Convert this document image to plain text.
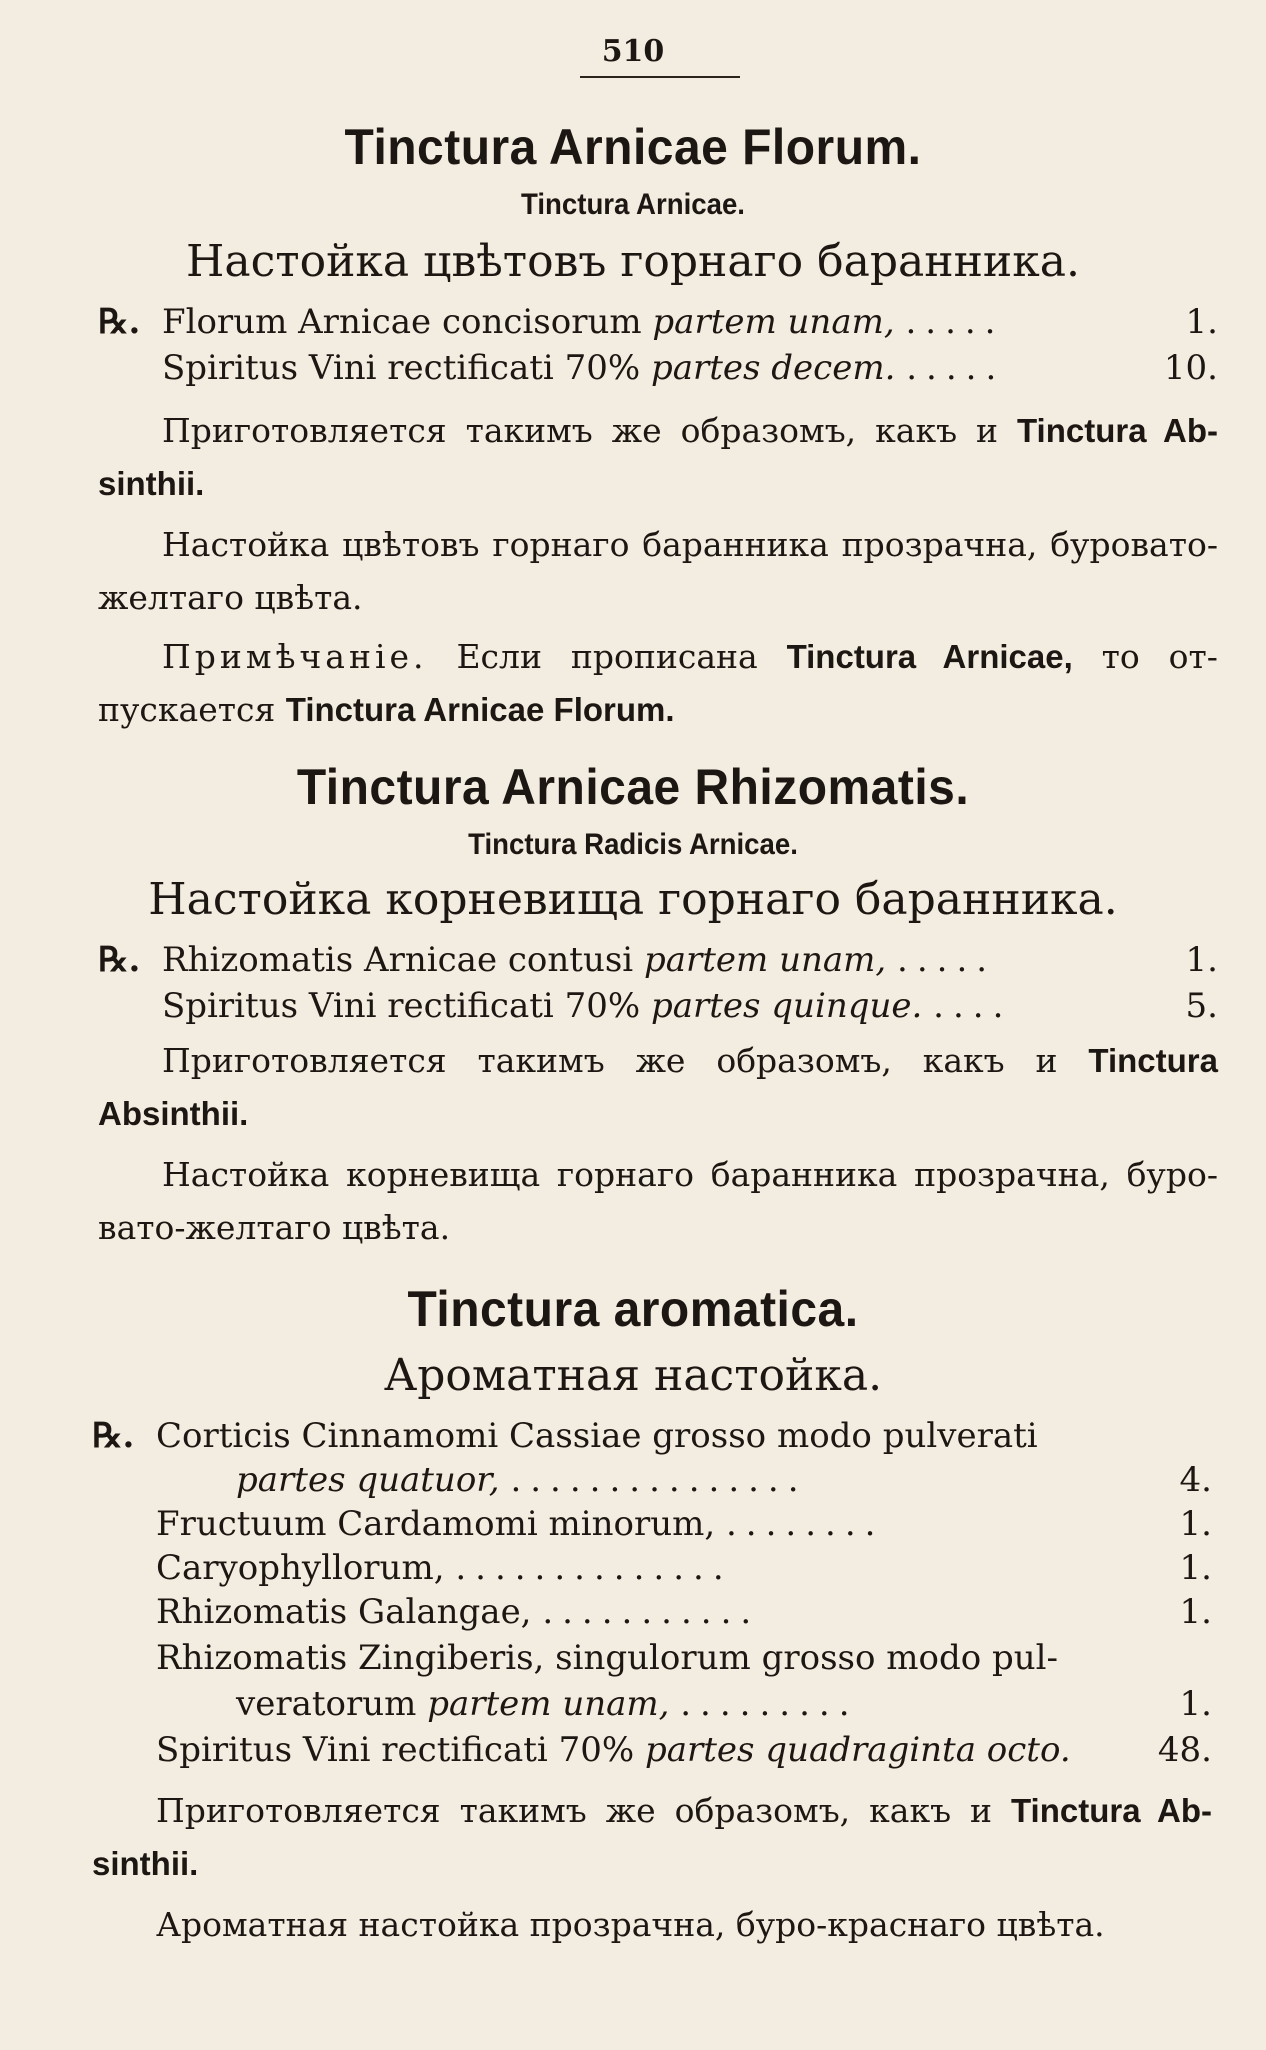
510
Tinctura Arnicae Florum.
Tinctura Arnicae.
Настойка цвѣтовъ горнаго баранника.
℞. Florum Arnicae concisorum partem unam, .....	1.
Spiritus Vini rectificati 70% partes decem. .....	10.
Приготовляется такимъ же образомъ, какъ и Tinctura Ab-
sinthii.
Настойка цвѣтовъ горнаго баранника прозрачна, буровато-
желтаго цвѣта.
Примѣчаніе. Если прописана Tinctura Arnicae, то от-
пускается Tinctura Arnicae Florum.
Tinctura Arnicae Rhizomatis.
Tinctura Radicis Arnicae.
Настойка корневища горнаго баранника.
℞. Rhizomatis Arnicae contusi partem unam, .....	1.
Spiritus Vini rectificati 70% partes quinque. ....	5.
Приготовляется такимъ же образомъ, какъ и Tinctura
Absinthii.
Настойка корневища горнаго баранника прозрачна, буро-
вато-желтаго цвѣта.
Tinctura aromatica.
Ароматная настойка.
℞. Corticis Cinnamomi Cassiae grosso modo pulverati
partes quatuor, ...............	4.
Fructuum Cardamomi minorum, ........	1.
Caryophyllorum, ..............	1.
Rhizomatis Galangae, ...........	1.
Rhizomatis Zingiberis, singulorum grosso modo pul-
veratorum partem unam, .........	1.
Spiritus Vini rectificati 70% partes quadraginta octo.	48.
Приготовляется такимъ же образомъ, какъ и Tinctura Ab-
sinthii.
Ароматная настойка прозрачна, буро-краснаго цвѣта.
